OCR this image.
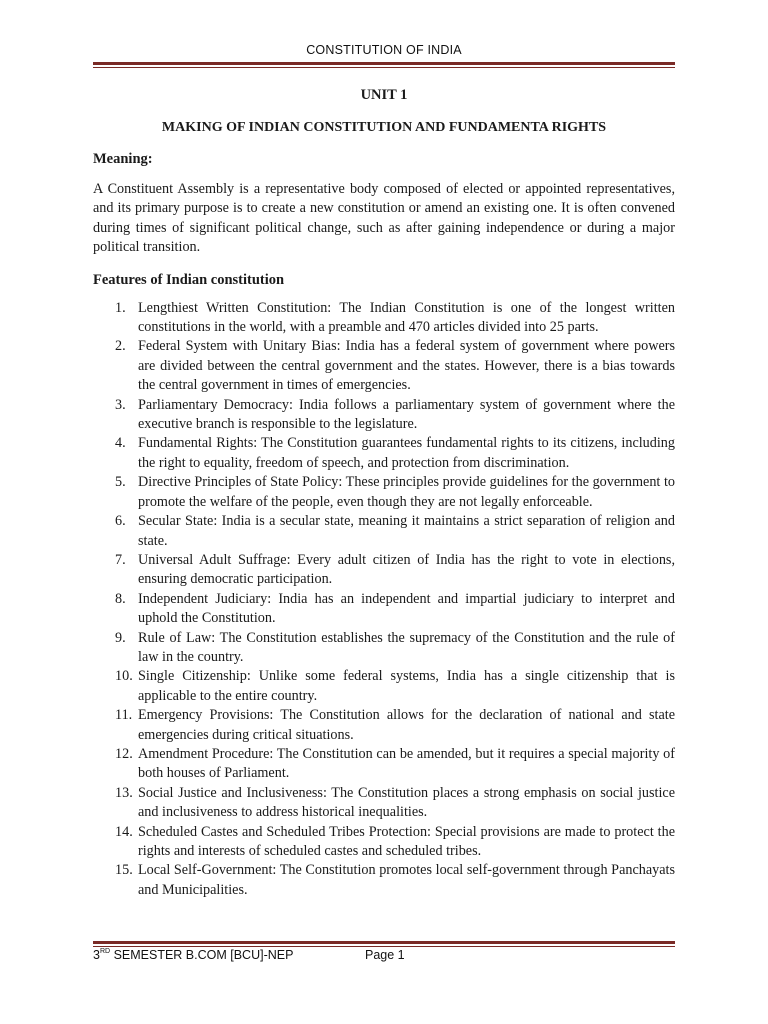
CONSTITUTION OF INDIA
UNIT 1
MAKING OF INDIAN CONSTITUTION AND FUNDAMENTA RIGHTS
Meaning:

A Constituent Assembly is a representative body composed of elected or appointed representatives, and its primary purpose is to create a new constitution or amend an existing one. It is often convened during times of significant political change, such as after gaining independence or during a major political transition.

Features of Indian constitution
1. Lengthiest Written Constitution: The Indian Constitution is one of the longest written constitutions in the world, with a preamble and 470 articles divided into 25 parts.
2. Federal System with Unitary Bias: India has a federal system of government where powers are divided between the central government and the states. However, there is a bias towards the central government in times of emergencies.
3. Parliamentary Democracy: India follows a parliamentary system of government where the executive branch is responsible to the legislature.
4. Fundamental Rights: The Constitution guarantees fundamental rights to its citizens, including the right to equality, freedom of speech, and protection from discrimination.
5. Directive Principles of State Policy: These principles provide guidelines for the government to promote the welfare of the people, even though they are not legally enforceable.
6. Secular State: India is a secular state, meaning it maintains a strict separation of religion and state.
7. Universal Adult Suffrage: Every adult citizen of India has the right to vote in elections, ensuring democratic participation.
8. Independent Judiciary: India has an independent and impartial judiciary to interpret and uphold the Constitution.
9. Rule of Law: The Constitution establishes the supremacy of the Constitution and the rule of law in the country.
10. Single Citizenship: Unlike some federal systems, India has a single citizenship that is applicable to the entire country.
11. Emergency Provisions: The Constitution allows for the declaration of national and state emergencies during critical situations.
12. Amendment Procedure: The Constitution can be amended, but it requires a special majority of both houses of Parliament.
13. Social Justice and Inclusiveness: The Constitution places a strong emphasis on social justice and inclusiveness to address historical inequalities.
14. Scheduled Castes and Scheduled Tribes Protection: Special provisions are made to protect the rights and interests of scheduled castes and scheduled tribes.
15. Local Self-Government: The Constitution promotes local self-government through Panchayats and Municipalities.
3RD SEMESTER B.COM [BCU]-NEP	Page 1
